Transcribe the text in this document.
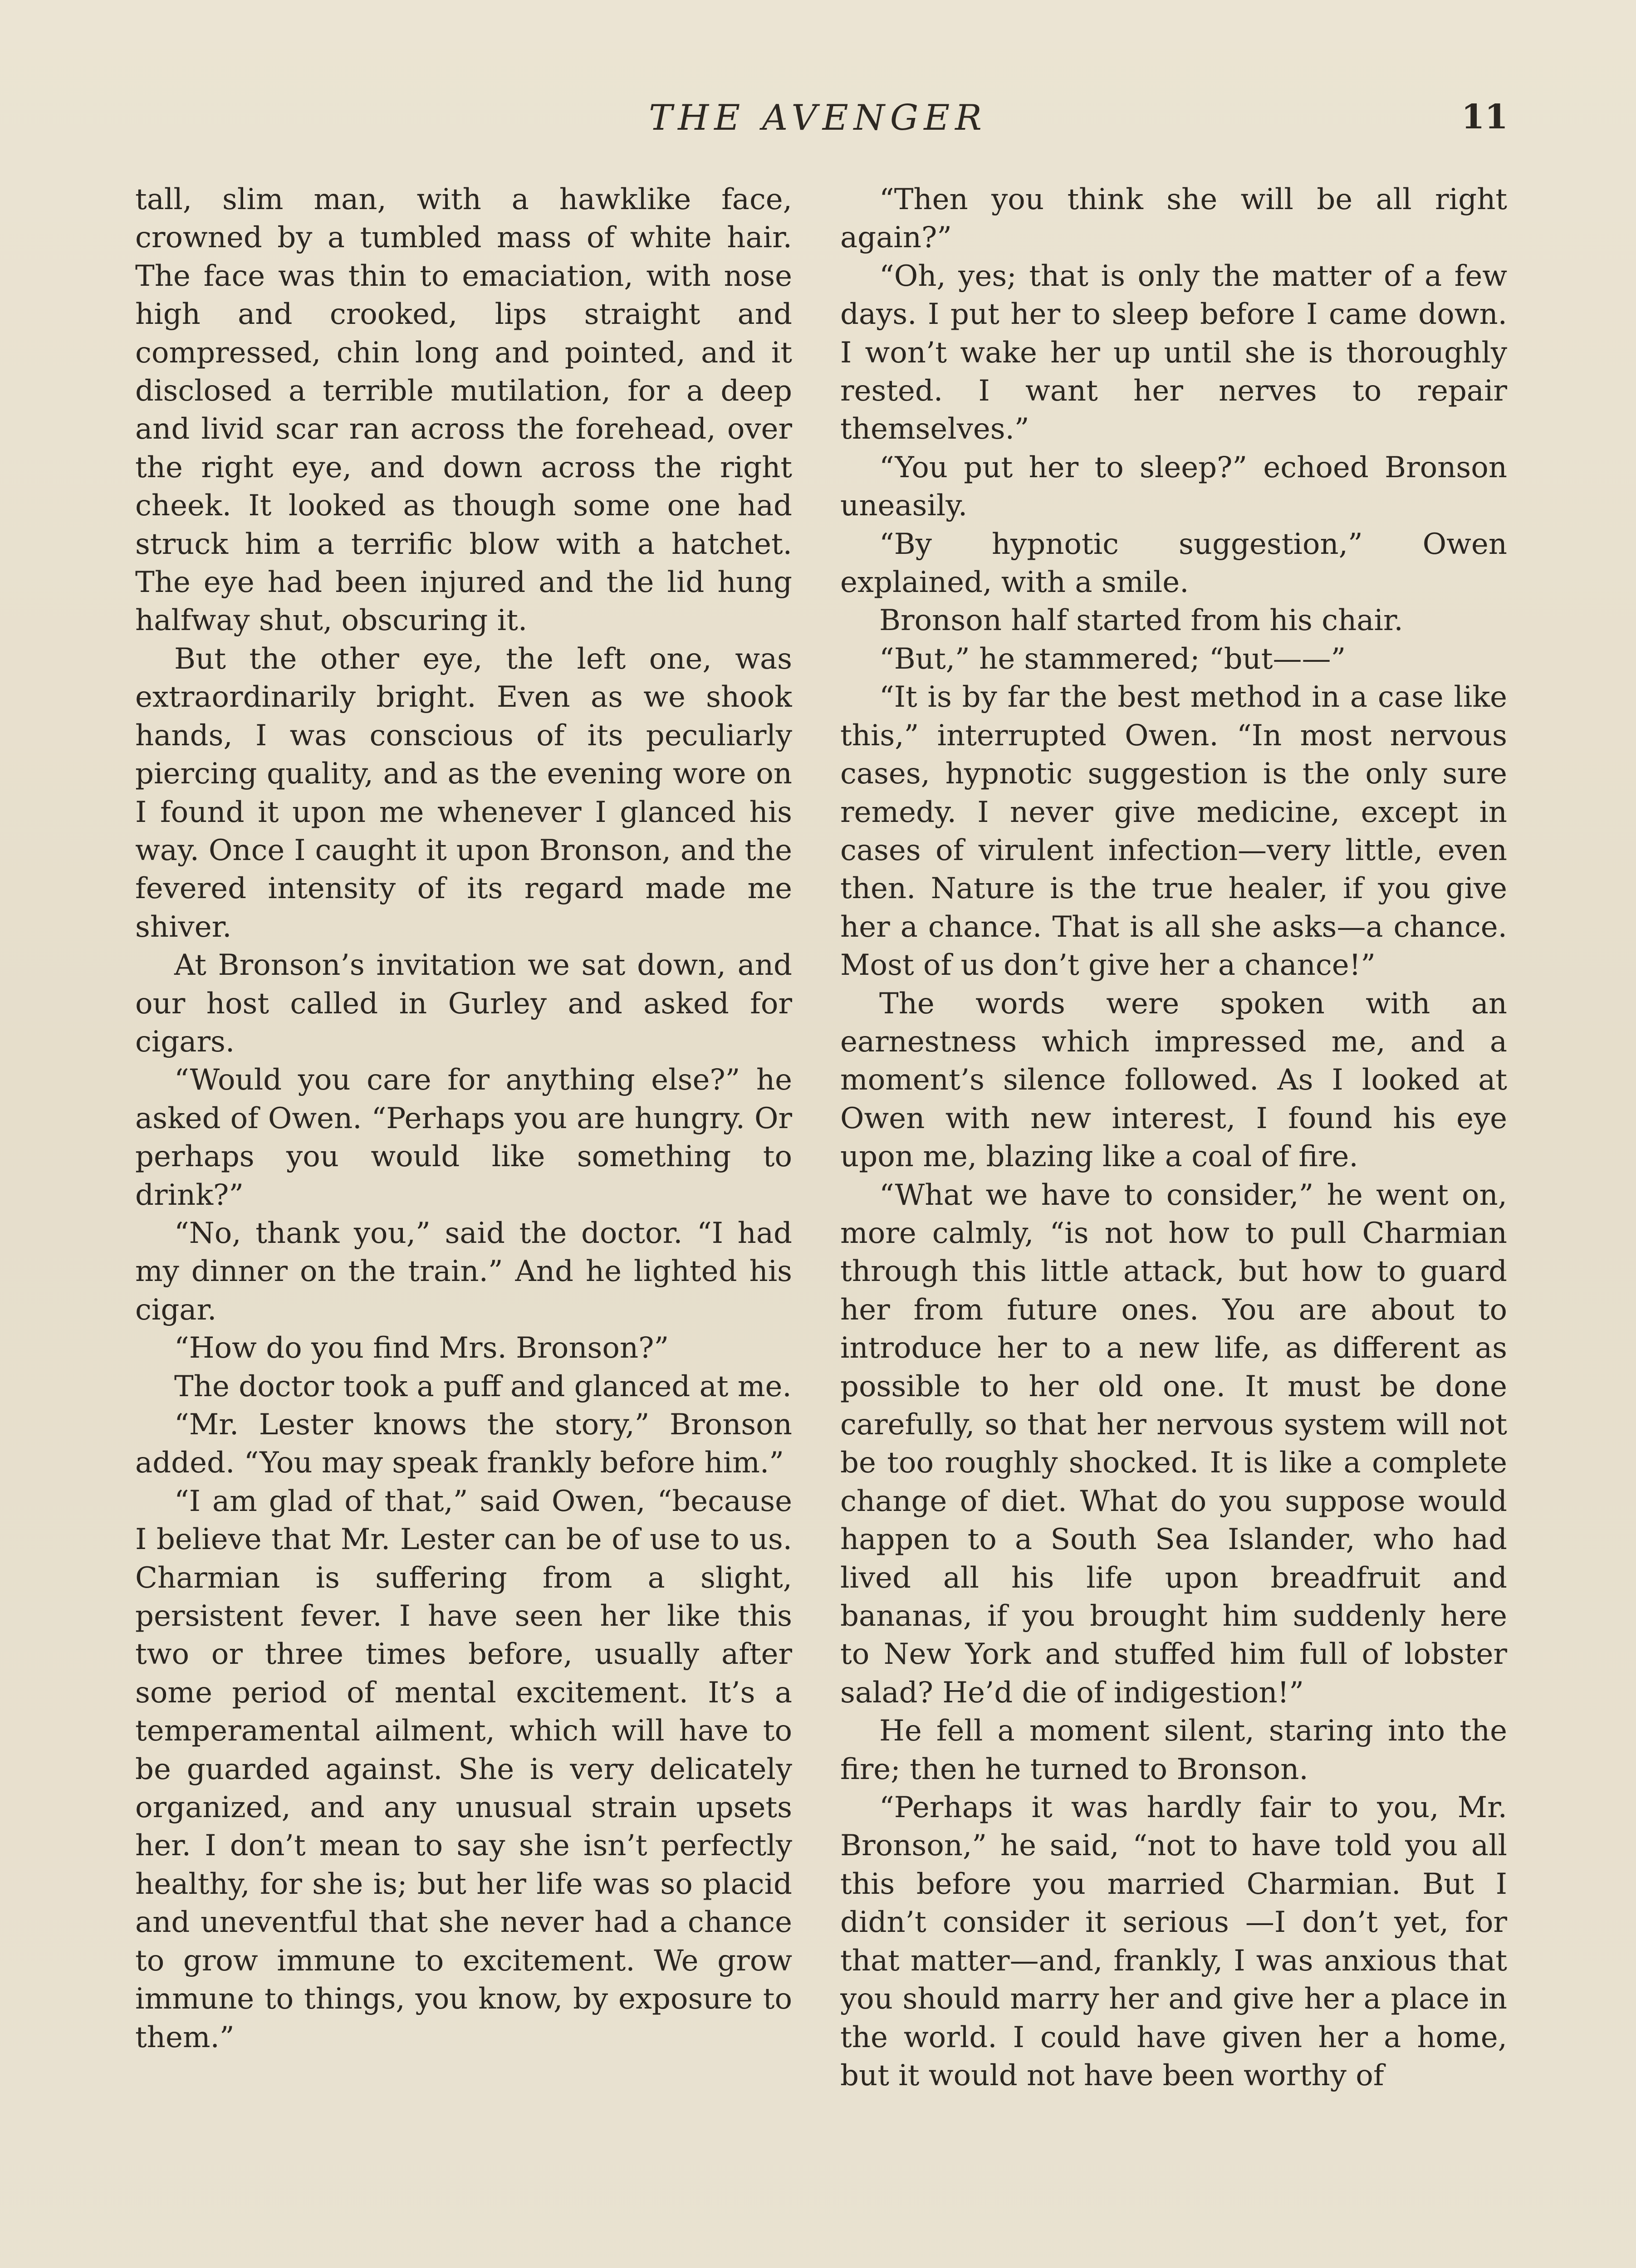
THE AVENGER	11

tall, slim man, with a hawklike face, crowned by a tumbled mass of white hair. The face was thin to emaciation, with nose high and crooked, lips straight and compressed, chin long and pointed, and it disclosed a terrible mutilation, for a deep and livid scar ran across the forehead, over the right eye, and down across the right cheek. It looked as though some one had struck him a terrific blow with a hatchet. The eye had been injured and the lid hung halfway shut, obscuring it.

But the other eye, the left one, was extraordinarily bright. Even as we shook hands, I was conscious of its peculiarly piercing quality, and as the evening wore on I found it upon me whenever I glanced his way. Once I caught it upon Bronson, and the fevered intensity of its regard made me shiver.

At Bronson’s invitation we sat down, and our host called in Gurley and asked for cigars.

“Would you care for anything else?” he asked of Owen. “Perhaps you are hungry. Or perhaps you would like something to drink?”

“No, thank you,” said the doctor. “I had my dinner on the train.” And he lighted his cigar.

“How do you find Mrs. Bronson?”

The doctor took a puff and glanced at me.

“Mr. Lester knows the story,” Bronson added. “You may speak frankly before him.”

“I am glad of that,” said Owen, “because I believe that Mr. Lester can be of use to us. Charmian is suffering from a slight, persistent fever. I have seen her like this two or three times before, usually after some period of mental excitement. It’s a temperamental ailment, which will have to be guarded against. She is very delicately organized, and any unusual strain upsets her. I don’t mean to say she isn’t perfectly healthy, for she is; but her life was so placid and uneventful that she never had a chance to grow immune to excitement. We grow immune to things, you know, by exposure to them.”

“Then you think she will be all right again?”

“Oh, yes; that is only the matter of a few days. I put her to sleep before I came down. I won’t wake her up until she is thoroughly rested. I want her nerves to repair themselves.”

“You put her to sleep?” echoed Bronson uneasily.

“By hypnotic suggestion,” Owen explained, with a smile.

Bronson half started from his chair.

“But,” he stammered; “but——”

“It is by far the best method in a case like this,” interrupted Owen. “In most nervous cases, hypnotic suggestion is the only sure remedy. I never give medicine, except in cases of virulent infection—very little, even then. Nature is the true healer, if you give her a chance. That is all she asks—a chance. Most of us don’t give her a chance!”

The words were spoken with an earnestness which impressed me, and a moment’s silence followed. As I looked at Owen with new interest, I found his eye upon me, blazing like a coal of fire.

“What we have to consider,” he went on, more calmly, “is not how to pull Charmian through this little attack, but how to guard her from future ones. You are about to introduce her to a new life, as different as possible to her old one. It must be done carefully, so that her nervous system will not be too roughly shocked. It is like a complete change of diet. What do you suppose would happen to a South Sea Islander, who had lived all his life upon breadfruit and bananas, if you brought him suddenly here to New York and stuffed him full of lobster salad? He’d die of indigestion!”

He fell a moment silent, staring into the fire; then he turned to Bronson.

“Perhaps it was hardly fair to you, Mr. Bronson,” he said, “not to have told you all this before you married Charmian. But I didn’t consider it serious —I don’t yet, for that matter—and, frankly, I was anxious that you should marry her and give her a place in the world. I could have given her a home, but it would not have been worthy of
